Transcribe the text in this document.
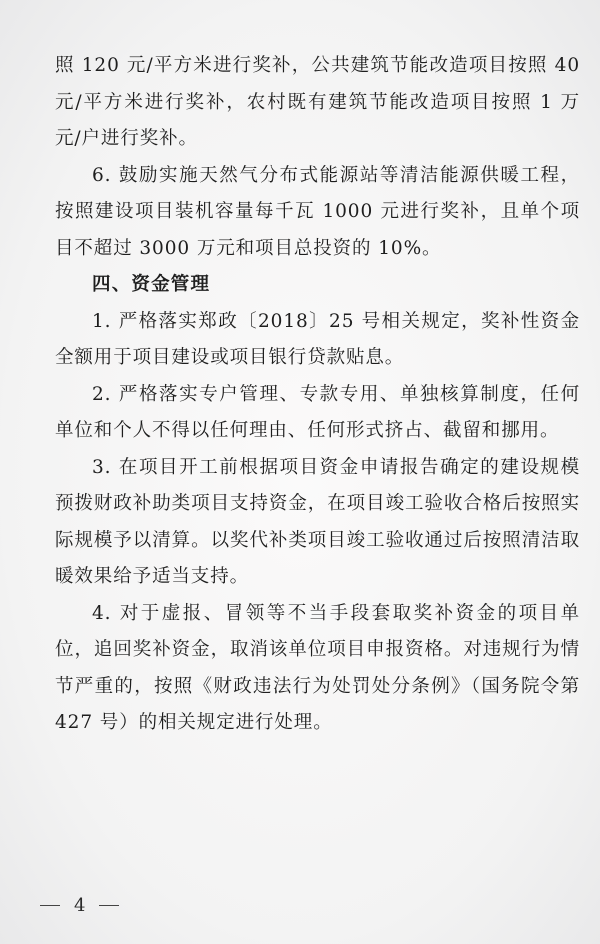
照 120 元/平方米进行奖补，公共建筑节能改造项目按照 40 元/平方米进行奖补，农村既有建筑节能改造项目按照 1 万元/户进行奖补。

6. 鼓励实施天然气分布式能源站等清洁能源供暖工程，按照建设项目装机容量每千瓦 1000 元进行奖补，且单个项目不超过 3000 万元和项目总投资的 10%。

四、资金管理

1. 严格落实郑政〔2018〕25 号相关规定，奖补性资金全额用于项目建设或项目银行贷款贴息。

2. 严格落实专户管理、专款专用、单独核算制度，任何单位和个人不得以任何理由、任何形式挤占、截留和挪用。

3. 在项目开工前根据项目资金申请报告确定的建设规模预拨财政补助类项目支持资金，在项目竣工验收合格后按照实际规模予以清算。以奖代补类项目竣工验收通过后按照清洁取暖效果给予适当支持。

4. 对于虚报、冒领等不当手段套取奖补资金的项目单位，追回奖补资金，取消该单位项目申报资格。对违规行为情节严重的，按照《财政违法行为处罚处分条例》（国务院令第 427 号）的相关规定进行处理。

4
